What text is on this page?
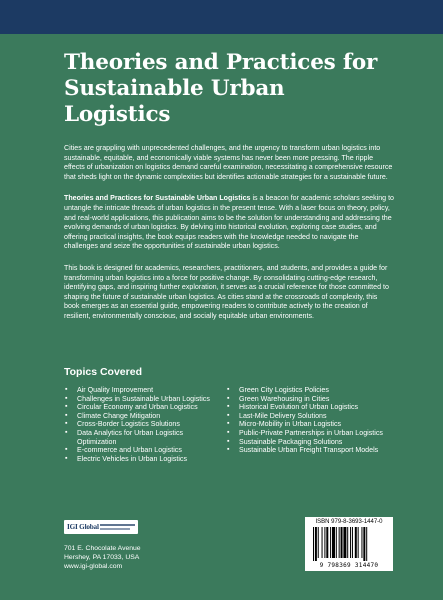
Theories and Practices for Sustainable Urban Logistics

Cities are grappling with unprecedented challenges, and the urgency to transform urban logistics into sustainable, equitable, and economically viable systems has never been more pressing. The ripple effects of urbanization on logistics demand careful examination, necessitating a comprehensive resource that sheds light on the dynamic complexities but identifies actionable strategies for a sustainable future.

Theories and Practices for Sustainable Urban Logistics is a beacon for academic scholars seeking to untangle the intricate threads of urban logistics in the present tense. With a laser focus on theory, policy, and real-world applications, this publication aims to be the solution for understanding and addressing the evolving demands of urban logistics. By delving into historical evolution, exploring case studies, and offering practical insights, the book equips readers with the knowledge needed to navigate the challenges and seize the opportunities of sustainable urban logistics.

This book is designed for academics, researchers, practitioners, and students, and provides a guide for transforming urban logistics into a force for positive change. By consolidating cutting-edge research, identifying gaps, and inspiring further exploration, it serves as a crucial reference for those committed to shaping the future of sustainable urban logistics. As cities stand at the crossroads of complexity, this book emerges as an essential guide, empowering readers to contribute actively to the creation of resilient, environmentally conscious, and socially equitable urban environments.

Topics Covered
▪ Air Quality Improvement
▪ Challenges in Sustainable Urban Logistics
▪ Circular Economy and Urban Logistics
▪ Climate Change Mitigation
▪ Cross-Border Logistics Solutions
▪ Data Analytics for Urban Logistics Optimization
▪ E-commerce and Urban Logistics
▪ Electric Vehicles in Urban Logistics
▪ Green City Logistics Policies
▪ Green Warehousing in Cities
▪ Historical Evolution of Urban Logistics
▪ Last-Mile Delivery Solutions
▪ Micro-Mobility in Urban Logistics
▪ Public-Private Partnerships in Urban Logistics
▪ Sustainable Packaging Solutions
▪ Sustainable Urban Freight Transport Models
IGI Global
701 E. Chocolate Avenue
Hershey, PA 17033, USA
www.igi-global.com
ISBN 979-8-3693-1447-0
9 798369 314470
